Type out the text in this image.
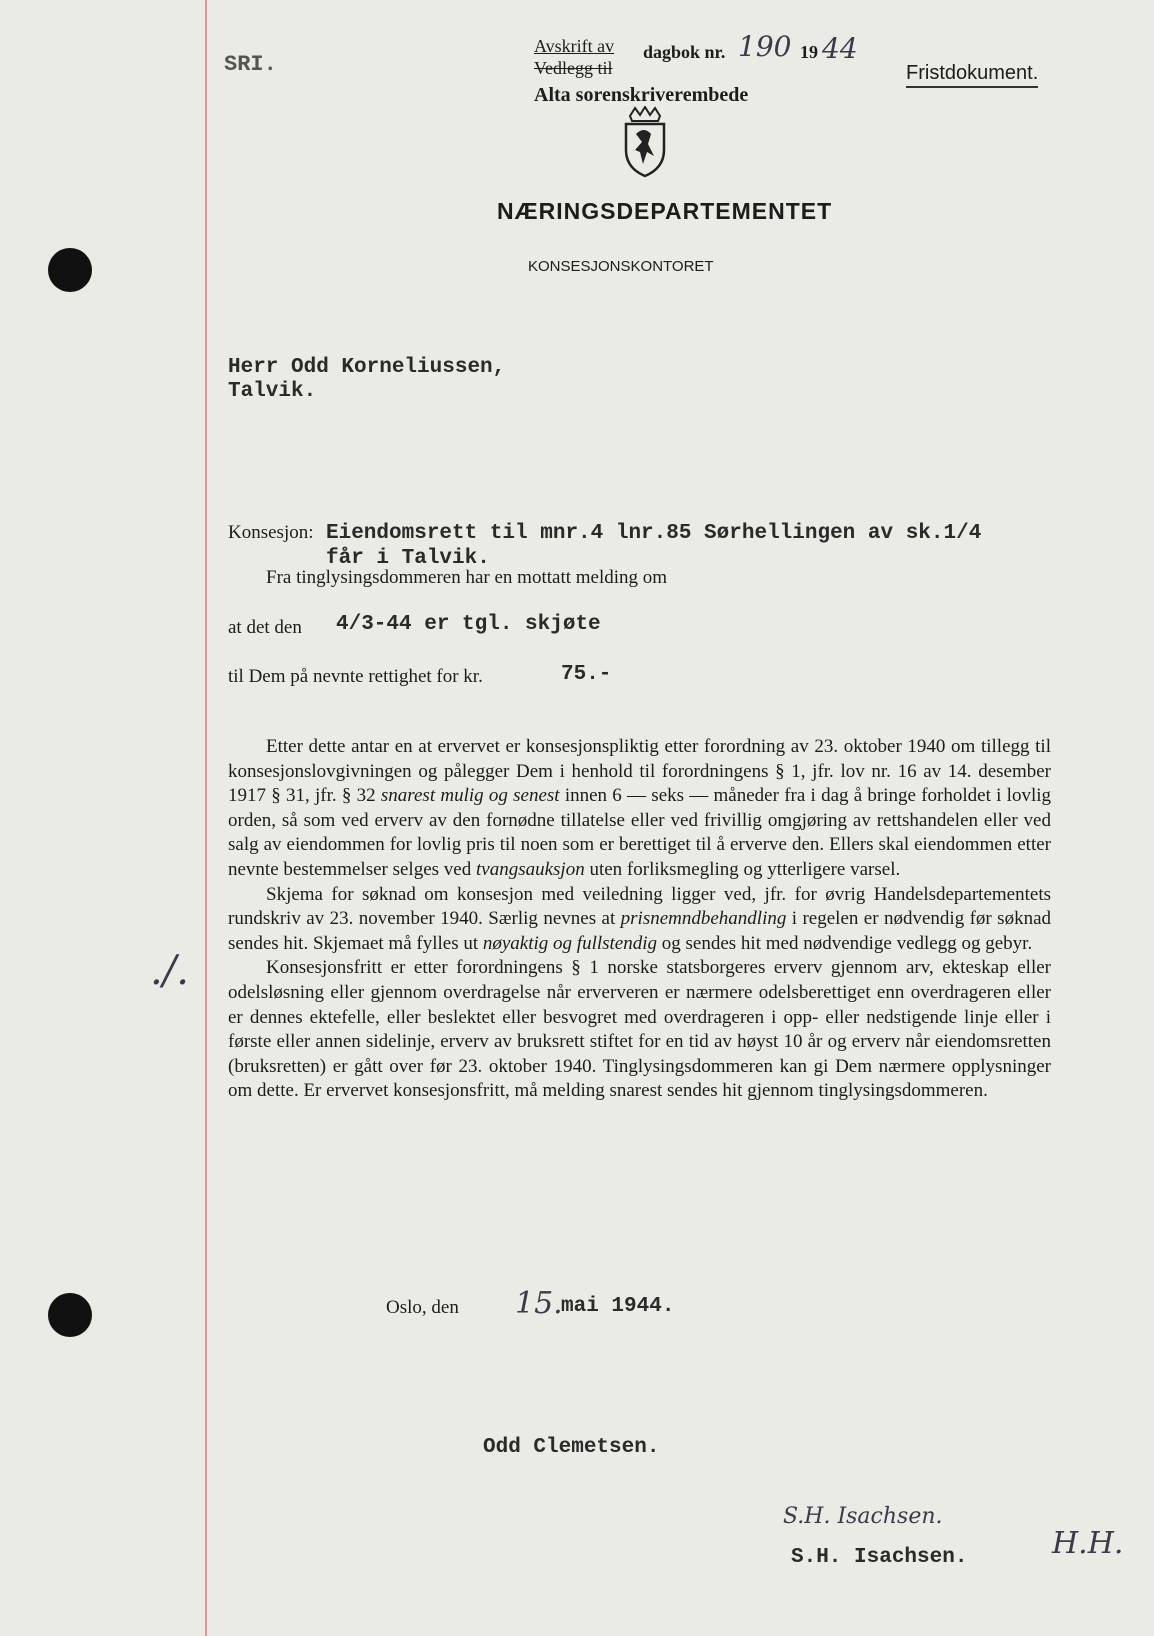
SRI.
Avskrift av
Vedlegg til
dagbok nr. 190 19 44
Alta sorenskriverembede
Fristdokument.
NÆRINGSDEPARTEMENTET
KONSESJONSKONTORET
Herr Odd Korneliussen,
Talvik.
Konsesjon: Eiendomsrett til mnr.4 lnr.85 Sørhellingen av sk.1/4
får i Talvik.
Fra tinglysingsdommeren har en mottatt melding om
at det den 4/3-44 er tgl. skjøte
til Dem på nevnte rettighet for kr.	75.-

Etter dette antar en at ervervet er konsesjonspliktig etter forordning av 23. oktober 1940 om tillegg til konsesjonslovgivningen og pålegger Dem i henhold til forordningens § 1, jfr. lov nr. 16 av 14. desember 1917 § 31, jfr. § 32 snarest mulig og senest innen 6 — seks — måneder fra i dag å bringe forholdet i lovlig orden, så som ved erverv av den fornødne tillatelse eller ved frivillig omgjøring av rettshandelen eller ved salg av eiendommen for lovlig pris til noen som er berettiget til å erverve den. Ellers skal eiendommen etter nevnte bestemmelser selges ved tvangsauksjon uten forliksmegling og ytterligere varsel.

Skjema for søknad om konsesjon med veiledning ligger ved, jfr. for øvrig Handelsdepartementets rundskriv av 23. november 1940. Særlig nevnes at prisnemndbehandling i regelen er nødvendig før søknad sendes hit. Skjemaet må fylles ut nøyaktig og fullstendig og sendes hit med nødvendige vedlegg og gebyr.

Konsesjonsfritt er etter forordningens § 1 norske statsborgeres erverv gjennom arv, ekteskap eller odelsløsning eller gjennom overdragelse når erververen er nærmere odelsberettiget enn overdrageren eller er dennes ektefelle, eller beslektet eller besvogret med overdrageren i opp- eller nedstigende linje eller i første eller annen sidelinje, erverv av bruksrett stiftet for en tid av høyst 10 år og erverv når eiendomsretten (bruksretten) er gått over før 23. oktober 1940. Tinglysingsdommeren kan gi Dem nærmere opplysninger om dette. Er ervervet konsesjonsfritt, må melding snarest sendes hit gjennom tinglysingsdommeren.

./.
Oslo, den 15.
mai 1944.
Odd Clemetsen.
S.H. Isachsen.
S.H. Isachsen.	H.H.
